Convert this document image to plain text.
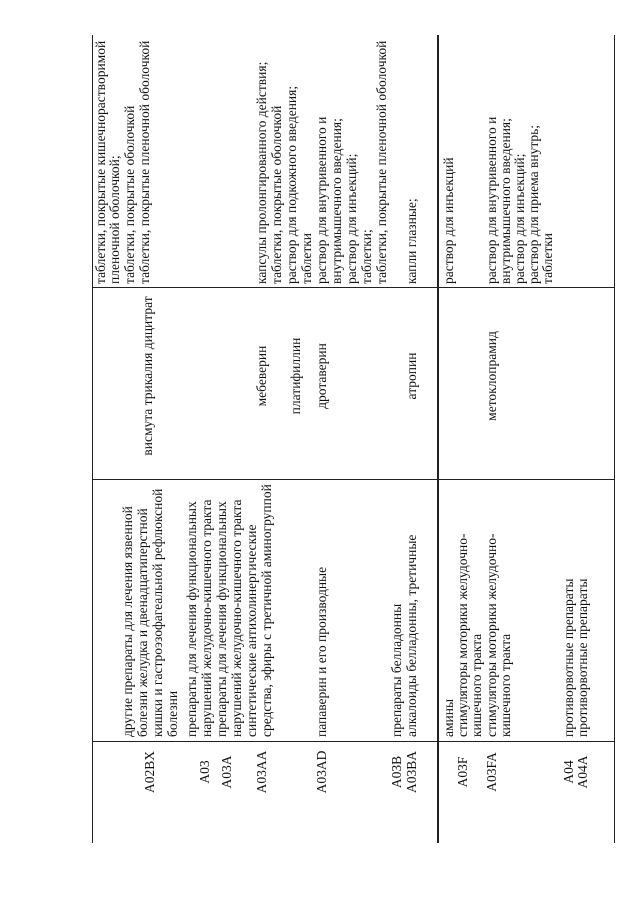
таблетки, покрытые кишечнорастворимой пленочной оболочкой; таблетки, покрытые оболочкой
A02BX
другие препараты для лечения язвенной болезни желудка и двенадцатиперстной кишки и гастроэзофагеальной рефлюксной болезни
висмута трикалия дицитрат
таблетки, покрытые пленочной оболочкой
A03
препараты для лечения функциональных нарушений желудочно-кишечного тракта
A03A
препараты для лечения функциональных нарушений желудочно-кишечного тракта
A03AA
синтетические антихолинергические средства, эфиры с третичной аминогруппой
мебеверин
капсулы пролонгированного действия; таблетки, покрытые оболочкой
платифиллин
раствор для подкожного введения; таблетки
A03AD
папаверин и его производные
дротаверин
раствор для внутривенного и внутримышечного введения; раствор для инъекций; таблетки; таблетки, покрытые пленочной оболочкой
A03B
препараты белладонны
A03BA
алкалоиды белладонны, третичные амины
атропин
капли глазные; раствор для инъекций
A03F
стимуляторы моторики желудочно- кишечного тракта
A03FA
стимуляторы моторики желудочно- кишечного тракта
метоклопрамид
раствор для внутривенного и внутримышечного введения; раствор для инъекций; раствор для приема внутрь; таблетки
A04
противорвотные препараты
A04A
противорвотные препараты
